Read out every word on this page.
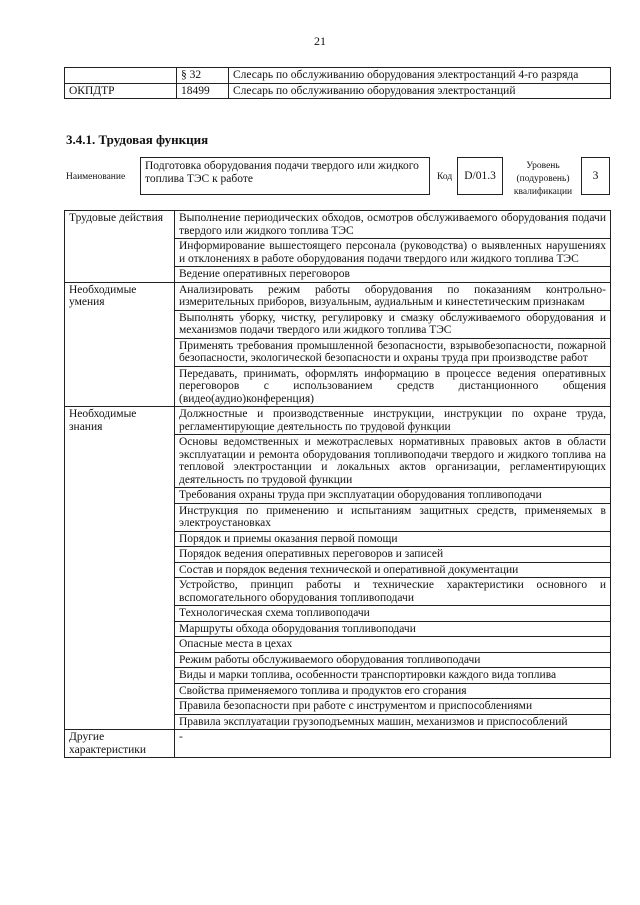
21
	§ 32	Слесарь по обслуживанию оборудования электростанций 4-го разряда
ОКПДТР	18499	Слесарь по обслуживанию оборудования электростанций
3.4.1. Трудовая функция
Наименование
Подготовка оборудования подачи твердого или жидкого топлива ТЭС к работе	Код	D/01.3
Уровень (подуровень) квалификации
3
Трудовые действия	Выполнение периодических обходов, осмотров обслуживаемого оборудования подачи твердого или жидкого топлива ТЭС
	Информирование вышестоящего персонала (руководства) о выявленных нарушениях и отклонениях в работе оборудования подачи твердого или жидкого топлива ТЭС
	Ведение оперативных переговоров
Необходимые умения	Анализировать режим работы оборудования по показаниям контрольно-измерительных приборов, визуальным, аудиальным и кинестетическим признакам
	Выполнять уборку, чистку, регулировку и смазку обслуживаемого оборудования и механизмов подачи твердого или жидкого топлива ТЭС
	Применять требования промышленной безопасности, взрывобезопасности, пожарной безопасности, экологической безопасности и охраны труда при производстве работ
	Передавать, принимать, оформлять информацию в процессе ведения оперативных переговоров с использованием средств дистанционного общения (видео(аудио)конференция)
Необходимые знания	Должностные и производственные инструкции, инструкции по охране труда, регламентирующие деятельность по трудовой функции
	Основы ведомственных и межотраслевых нормативных правовых актов в области эксплуатации и ремонта оборудования топливоподачи твердого и жидкого топлива на тепловой электростанции и локальных актов организации, регламентирующих деятельность по трудовой функции
	Требования охраны труда при эксплуатации оборудования топливоподачи
	Инструкция по применению и испытаниям защитных средств, применяемых в электроустановках
	Порядок и приемы оказания первой помощи
	Порядок ведения оперативных переговоров и записей
	Состав и порядок ведения технической и оперативной документации
	Устройство, принцип работы и технические характеристики основного и вспомогательного оборудования топливоподачи
	Технологическая схема топливоподачи
	Маршруты обхода оборудования топливоподачи
	Опасные места в цехах
	Режим работы обслуживаемого оборудования топливоподачи
	Виды и марки топлива, особенности транспортировки каждого вида топлива
	Свойства применяемого топлива и продуктов его сгорания
	Правила безопасности при работе с инструментом и приспособлениями
	Правила эксплуатации грузоподъемных машин, механизмов и приспособлений
Другие характеристики	-
